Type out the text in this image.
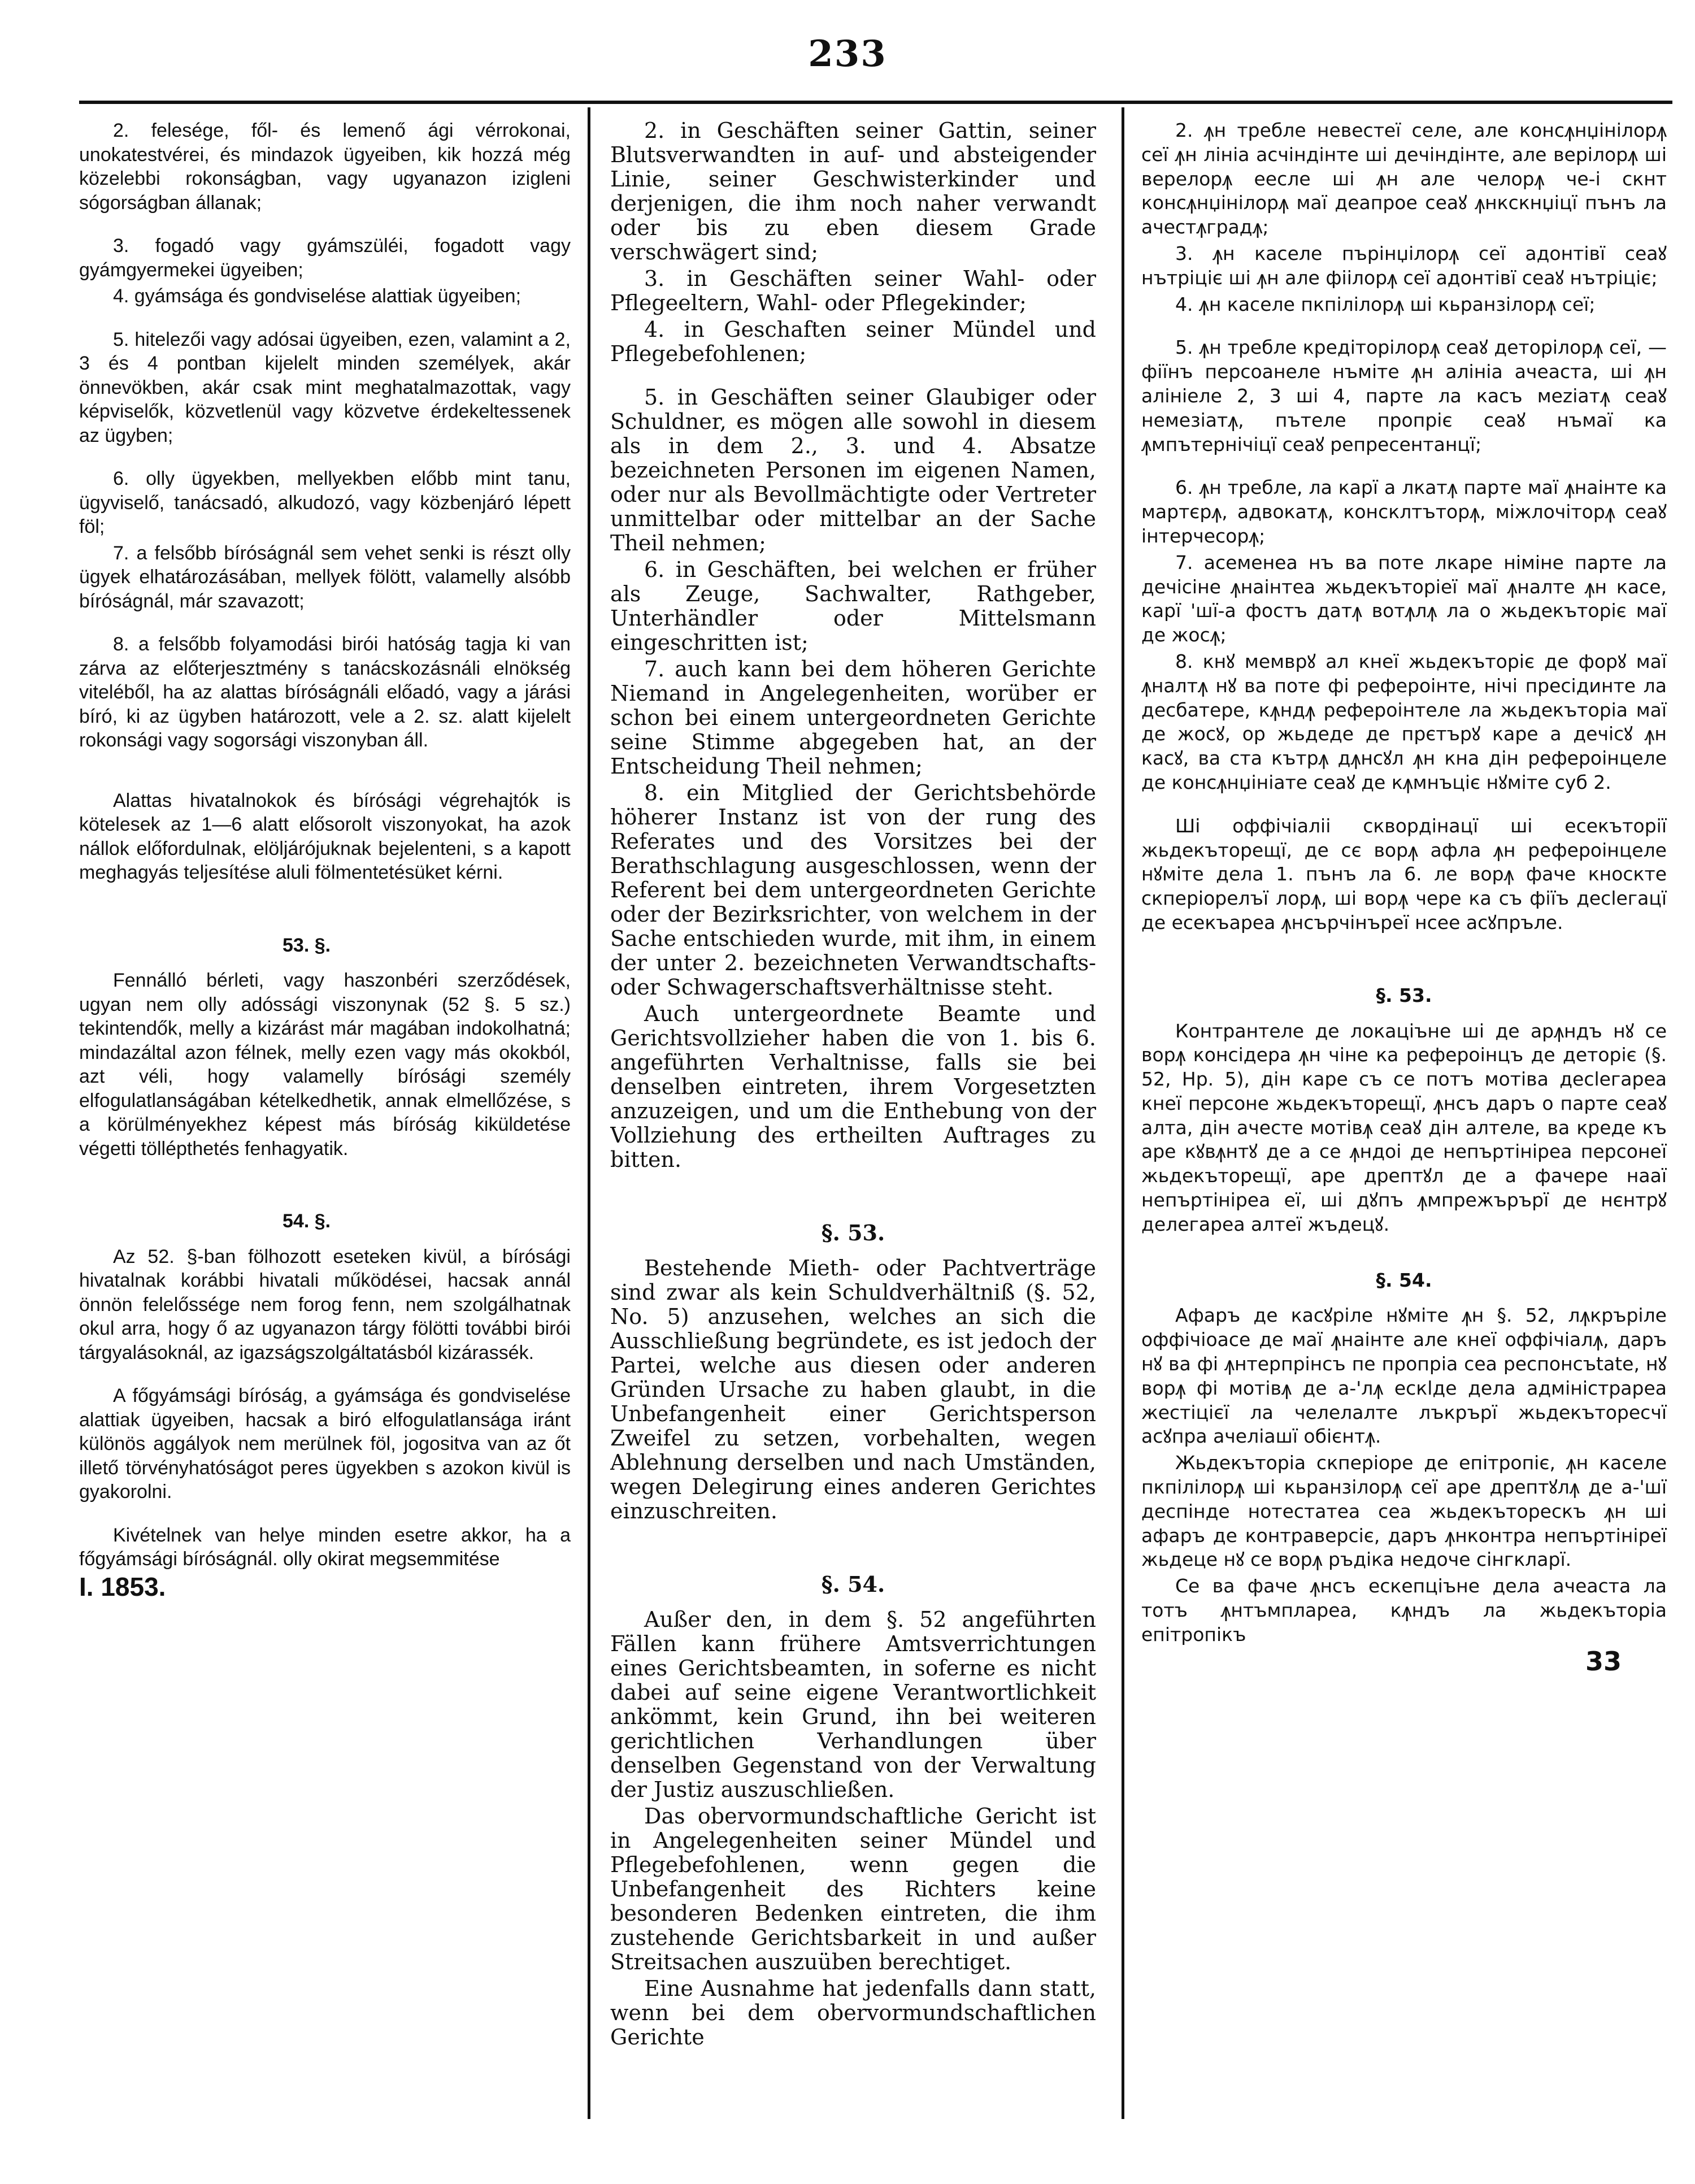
233

2. felesége, fől- és lemenő ági vérrokonai, unokatestvérei, és mindazok ügyeiben, kik hozzá még közelebbi rokonságban, vagy ugyanazon izigleni sógorságban állanak;

3. fogadó vagy gyámszüléi, fogadott vagy gyámgyermekei ügyeiben;

4. gyámsága és gondviselése alattiak ügyeiben;

5. hitelezői vagy adósai ügyeiben, ezen, valamint a 2, 3 és 4 pontban kijelelt minden személyek, akár önnevökben, akár csak mint meghatalmazottak, vagy képviselők, közvetlenül vagy közvetve érdekeltessenek az ügyben;

6. olly ügyekben, mellyekben előbb mint tanu, ügyviselő, tanácsadó, alkudozó, vagy közbenjáró lépett föl;

7. a felsőbb bíróságnál sem vehet senki is részt olly ügyek elhatározásában, mellyek fölött, valamelly alsóbb bíróságnál, már szavazott;

8. a felsőbb folyamodási birói hatóság tagja ki van zárva az előterjesztmény s tanácskozásnáli elnökség viteléből, ha az alattas bíróságnáli előadó, vagy a járási bíró, ki az ügyben határozott, vele a 2. sz. alatt kijelelt rokonsági vagy sogorsági viszonyban áll.

Alattas hivatalnokok és bírósági végrehajtók is kötelesek az 1—6 alatt elősorolt viszonyokat, ha azok nállok előfordulnak, elöljárójuknak bejelenteni, s a kapott meghagyás teljesítése aluli fölmentetésüket kérni.

53. §.

Fennálló bérleti, vagy haszonbéri szerződések, ugyan nem olly adóssági viszonynak (52 §. 5 sz.) tekintendők, melly a kizárást már magában indokolhatná; mindazáltal azon félnek, melly ezen vagy más okokból, azt véli, hogy valamelly bírósági személy elfogulatlanságában kételkedhetik, annak elmellőzése, s a körülményekhez képest más bíróság kiküldetése végetti töllépthetés fenhagyatik.

54. §.

Az 52. §-ban fölhozott eseteken kivül, a bírósági hivatalnak korábbi hivatali működései, hacsak annál önnön felelőssége nem forog fenn, nem szolgálhatnak okul arra, hogy ő az ugyanazon tárgy fölötti további birói tárgyalásoknál, az igazságszolgáltatásból kizárassék.

A főgyámsági bíróság, a gyámsága és gondviselése alattiak ügyeiben, hacsak a biró elfogulatlansága iránt különös aggályok nem merülnek föl, jogositva van az őt illető törvényhatóságot peres ügyekben s azokon kivül is gyakorolni.

Kivételnek van helye minden esetre akkor, ha a főgyámsági bíróságnál. olly okirat megsemmitése

I. 1853.

2. in Geschäften seiner Gattin, seiner Blutsverwandten in auf- und absteigender Linie, seiner Geschwisterkinder und derjenigen, die ihm noch naher verwandt oder bis zu eben diesem Grade verschwägert sind;

3. in Geschäften seiner Wahl- oder Pflegeeltern, Wahl- oder Pflegekinder;

4. in Geschaften seiner Mündel und Pflegebefohlenen;

5. in Geschäften seiner Glaubiger oder Schuldner, es mögen alle sowohl in diesem als in dem 2., 3. und 4. Absatze bezeichneten Personen im eigenen Namen, oder nur als Bevollmächtigte oder Vertreter unmittelbar oder mittelbar an der Sache Theil nehmen;

6. in Geschäften, bei welchen er früher als Zeuge, Sachwalter, Rathgeber, Unterhändler oder Mittelsmann eingeschritten ist;

7. auch kann bei dem höheren Gerichte Niemand in Angelegenheiten, worüber er schon bei einem untergeordneten Gerichte seine Stimme abgegeben hat, an der Entscheidung Theil nehmen;

8. ein Mitglied der Gerichtsbehörde höherer Instanz ist von der rung des Referates und des Vorsitzes bei der Berathschlagung ausgeschlossen, wenn der Referent bei dem untergeordneten Gerichte oder der Bezirksrichter, von welchem in der Sache entschieden wurde, mit ihm, in einem der unter 2. bezeichneten Verwandtschafts- oder Schwagerschaftsverhältnisse steht.

Auch untergeordnete Beamte und Gerichtsvollzieher haben die von 1. bis 6. angeführten Verhaltnisse, falls sie bei denselben eintreten, ihrem Vorgesetzten anzuzeigen, und um die Enthebung von der Vollziehung des ertheilten Auftrages zu bitten.

§. 53.

Bestehende Mieth- oder Pachtverträge sind zwar als kein Schuldverhältniß (§. 52, No. 5) anzusehen, welches an sich die Ausschließung begründete, es ist jedoch der Partei, welche aus diesen oder anderen Gründen Ursache zu haben glaubt, in die Unbefangenheit einer Gerichtsperson Zweifel zu setzen, vorbehalten, wegen Ablehnung derselben und nach Umständen, wegen Delegirung eines anderen Gerichtes einzuschreiten.

§. 54.

Außer den, in dem §. 52 angeführten Fällen kann frühere Amtsverrichtungen eines Gerichtsbeamten, in soferne es nicht dabei auf seine eigene Verantwortlichkeit ankömmt, kein Grund, ihn bei weiteren gerichtlichen Verhandlungen über denselben Gegenstand von der Verwaltung der Justiz auszuschließen.

Das obervormundschaftliche Gericht ist in Angelegenheiten seiner Mündel und Pflegebefohlenen, wenn gegen die Unbefangenheit des Richters keine besonderen Bedenken eintreten, die ihm zustehende Gerichtsbarkeit in und außer Streitsachen auszuüben berechtiget.

Eine Ausnahme hat jedenfalls dann statt, wenn bei dem obervormundschaftlichen Gerichte

2. ꙟн требле невестеї селе, але консꙟнџінілорꙟ сеї ꙟн лініа асчіндінте ші дечіндінте, але верілорꙟ ші верелорꙟ еесле ші ꙟн але челорꙟ че-і скнт консꙟнџінілорꙟ маї деапрое сеаꙋ ꙟнкскнџіцї пънъ ла ачестꙟградꙟ;

3. ꙟн каселе пърінџілорꙟ сеї адонтівї сеаꙋ нътріціє ші ꙟн але фіілорꙟ сеї адонтівї сеаꙋ нътріціє;

4. ꙟн каселе пкпілілорꙟ ші кьранзілорꙟ сеї;

5. ꙟн треблe кредіторілорꙟ сеаꙋ деторілорꙟ сеї, — фіїнъ персоанеле нъміте ꙟн алініа ачеаста, ші ꙟн алініеле 2, 3 ші 4, парте ла касъ меzіатꙟ сеаꙋ немезіатꙟ, пътеле пропріє сеаꙋ нъмаї ка ꙟмпътернічіцї сеаꙋ репресентанцї;

6. ꙟн треблe, ла карї а лкатꙟ парте маї ꙟнаінте ка мартєрꙟ, адвокатꙟ, консклтъторꙟ, міжлочіторꙟ сеаꙋ інтерчесорꙟ;

7. асеменеа нъ ва поте лкаре німіне парте ла дечісіне ꙟнаінтеа жьдекъторіеї маї ꙟналте ꙟн касе, карї 'шї-а фостъ датꙟ вотꙟлꙟ ла о жьдекъторіє маї де жосꙟ;

8. кнꙋ мемврꙋ ал кнеї жьдекъторіє де форꙋ маї ꙟналтꙟ нꙋ ва поте фі рефероінте, нічі пресідинте ла десбатере, кꙟндꙟ рефероінтеле ла жьдекъторіа маї де жосꙋ, ор жьдеде де прєтърꙋ каре а дечісꙋ ꙟн касꙋ, ва ста кътрꙟ дꙟнсꙋл ꙟн кна дін рефероінцеле де консꙟнџініате сеаꙋ де кꙟмнъціє нꙋміте суб 2.

Ші оффічіаліі сквордінацї ші есекъторії жьдекъторещї, де сє ворꙟ афла ꙟн рефероінцеле нꙋміте дела 1. пънъ ла 6. ле ворꙟ фаче кноскте скперіорелъї лорꙟ, ші ворꙟ чере ка съ фіїъ десlегацї де есекъареа ꙟнсърчінъреї нсее асꙋпръле.

§. 53.

Контрантеле де локаціъне ші де арꙟндъ нꙋ се ворꙟ консідера ꙟн чіне ка рефероінцъ де деторіє (§. 52, Нр. 5), дін каре съ се потъ мотіва десlегареа кнеї персоне жьдекъторещї, ꙟнсъ даръ о парте сеаꙋ алта, дін ачесте мотівꙟ сеаꙋ дін алтеле, ва креде къ аре кꙋвꙟнтꙋ де а се ꙟндоі де непъртініреа персонеї жьдекъторещї, аре дрептꙋл де а фачере нааї непъртініреа еї, ші дꙋпъ ꙟмпрежърърї де нєнтрꙋ делегареа алтеї жъдецꙋ.

§. 54.

Афаръ де касꙋріле нꙋміте ꙟн §. 52, лꙟкръріле оффічіоасе де маї ꙟнаінте але кнеї оффічіалꙟ, даръ нꙋ ва фі ꙟнтерпрінсъ пе пропріа сеа респонсъtate, нꙋ ворꙟ фі мотівꙟ де а-'лꙟ ескlде дела адміністрареа жестіцієї ла челелалте лъкрърї жьдекъторесчї асꙋпра ачеліашї обієнтꙟ.

Жьдекъторіа скперіоре де епітропіє, ꙟн каселе пкпілілорꙟ ші кьранзілорꙟ сеї аре дрептꙋлꙟ де а-'шї деспінде нотестатеа сеа жьдекъторескъ ꙟн ші афаръ де контраверсіє, даръ ꙟнконтра непъртініреї жьдеце нꙋ се ворꙟ ръдіка недоче сінгкларї.

Се ва фаче ꙟнсъ ескепціъне дела ачеаста ла тотъ ꙟнтъмплареа, кꙟндъ ла жьдекъторіа епітропікъ

33
